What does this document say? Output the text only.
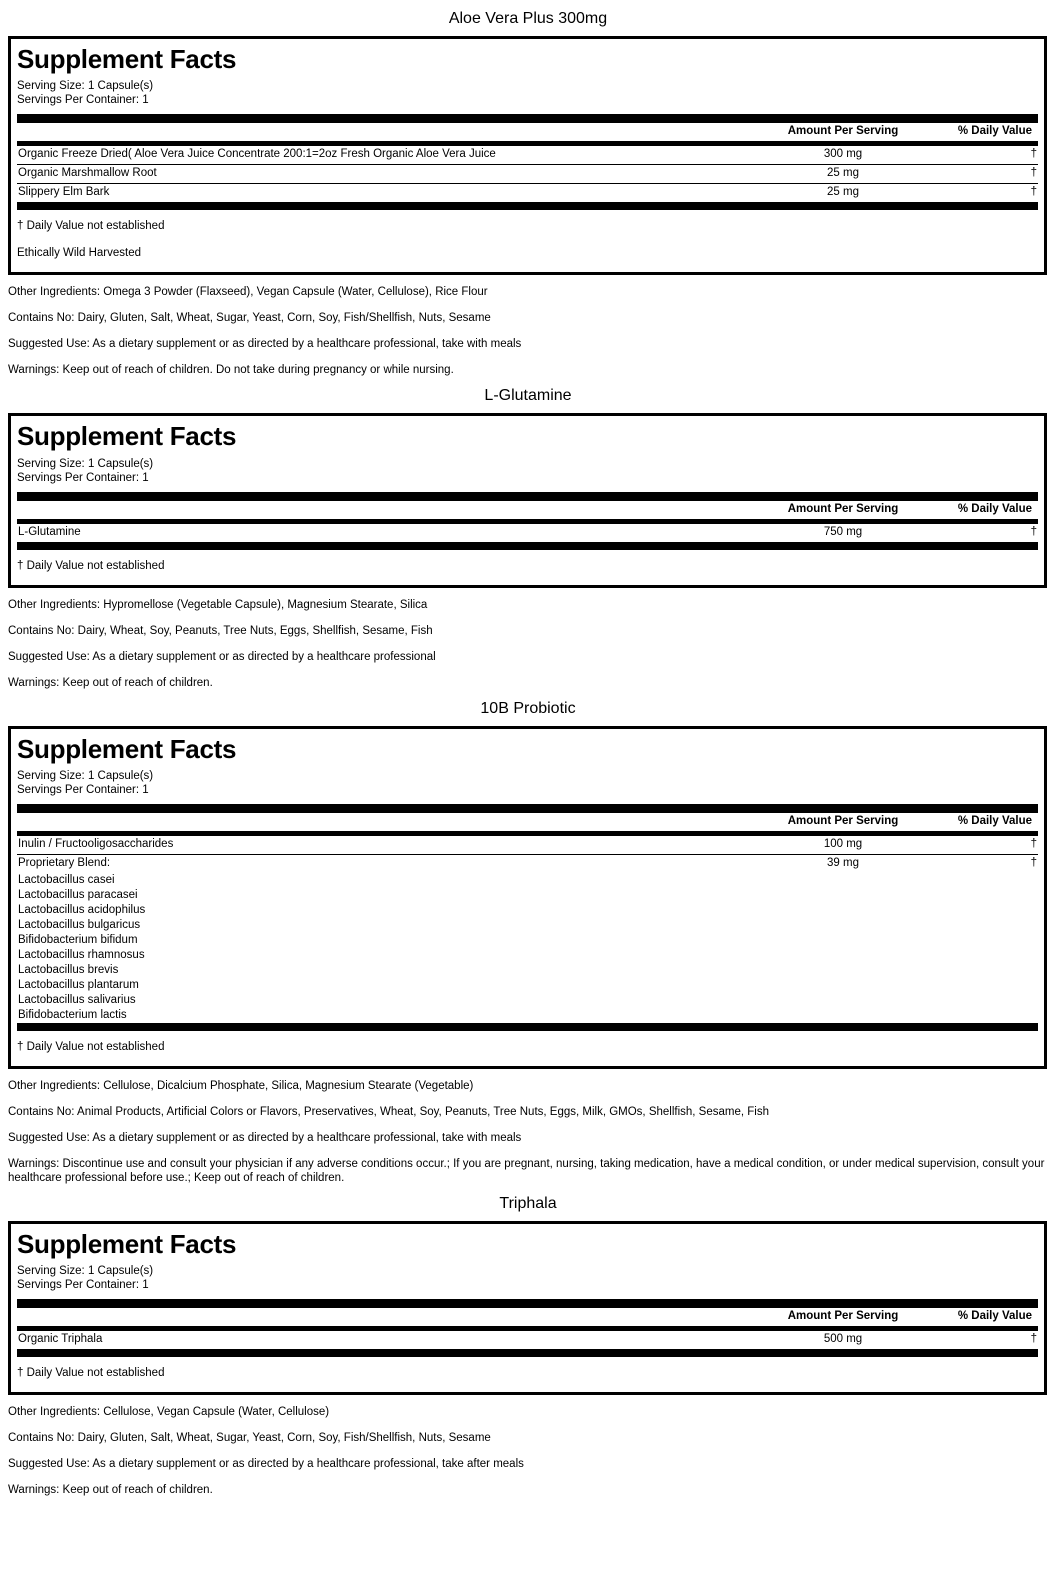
Aloe Vera Plus 300mg
Supplement Facts
Serving Size: 1 Capsule(s)
Servings Per Container: 1
	Amount Per Serving	% Daily Value
Organic Freeze Dried( Aloe Vera Juice Concentrate 200:1=2oz Fresh Organic Aloe Vera Juice	300 mg	†
Organic Marshmallow Root	25 mg	†
Slippery Elm Bark	25 mg	†
† Daily Value not established
Ethically Wild Harvested
Other Ingredients: Omega 3 Powder (Flaxseed), Vegan Capsule (Water, Cellulose), Rice Flour
Contains No: Dairy, Gluten, Salt, Wheat, Sugar, Yeast, Corn, Soy, Fish/Shellfish, Nuts, Sesame
Suggested Use: As a dietary supplement or as directed by a healthcare professional, take with meals
Warnings: Keep out of reach of children. Do not take during pregnancy or while nursing.
L-Glutamine
Supplement Facts
Serving Size: 1 Capsule(s)
Servings Per Container: 1
	Amount Per Serving	% Daily Value
L-Glutamine	750 mg	†
† Daily Value not established
Other Ingredients: Hypromellose (Vegetable Capsule), Magnesium Stearate, Silica
Contains No: Dairy, Wheat, Soy, Peanuts, Tree Nuts, Eggs, Shellfish, Sesame, Fish
Suggested Use: As a dietary supplement or as directed by a healthcare professional
Warnings: Keep out of reach of children.
10B Probiotic
Supplement Facts
Serving Size: 1 Capsule(s)
Servings Per Container: 1
	Amount Per Serving	% Daily Value
Inulin / Fructooligosaccharides	100 mg	†
Proprietary Blend:	39 mg	†
Lactobacillus casei		
Lactobacillus paracasei		
Lactobacillus acidophilus		
Lactobacillus bulgaricus		
Bifidobacterium bifidum		
Lactobacillus rhamnosus		
Lactobacillus brevis		
Lactobacillus plantarum		
Lactobacillus salivarius		
Bifidobacterium lactis		
† Daily Value not established
Other Ingredients: Cellulose, Dicalcium Phosphate, Silica, Magnesium Stearate (Vegetable)
Contains No: Animal Products, Artificial Colors or Flavors, Preservatives, Wheat, Soy, Peanuts, Tree Nuts, Eggs, Milk, GMOs, Shellfish, Sesame, Fish
Suggested Use: As a dietary supplement or as directed by a healthcare professional, take with meals
Warnings: Discontinue use and consult your physician if any adverse conditions occur.; If you are pregnant, nursing, taking medication, have a medical condition, or under medical supervision, consult your healthcare professional before use.; Keep out of reach of children.
Triphala
Supplement Facts
Serving Size: 1 Capsule(s)
Servings Per Container: 1
	Amount Per Serving	% Daily Value
Organic Triphala	500 mg	†
† Daily Value not established
Other Ingredients: Cellulose, Vegan Capsule (Water, Cellulose)
Contains No: Dairy, Gluten, Salt, Wheat, Sugar, Yeast, Corn, Soy, Fish/Shellfish, Nuts, Sesame
Suggested Use: As a dietary supplement or as directed by a healthcare professional, take after meals
Warnings: Keep out of reach of children.
